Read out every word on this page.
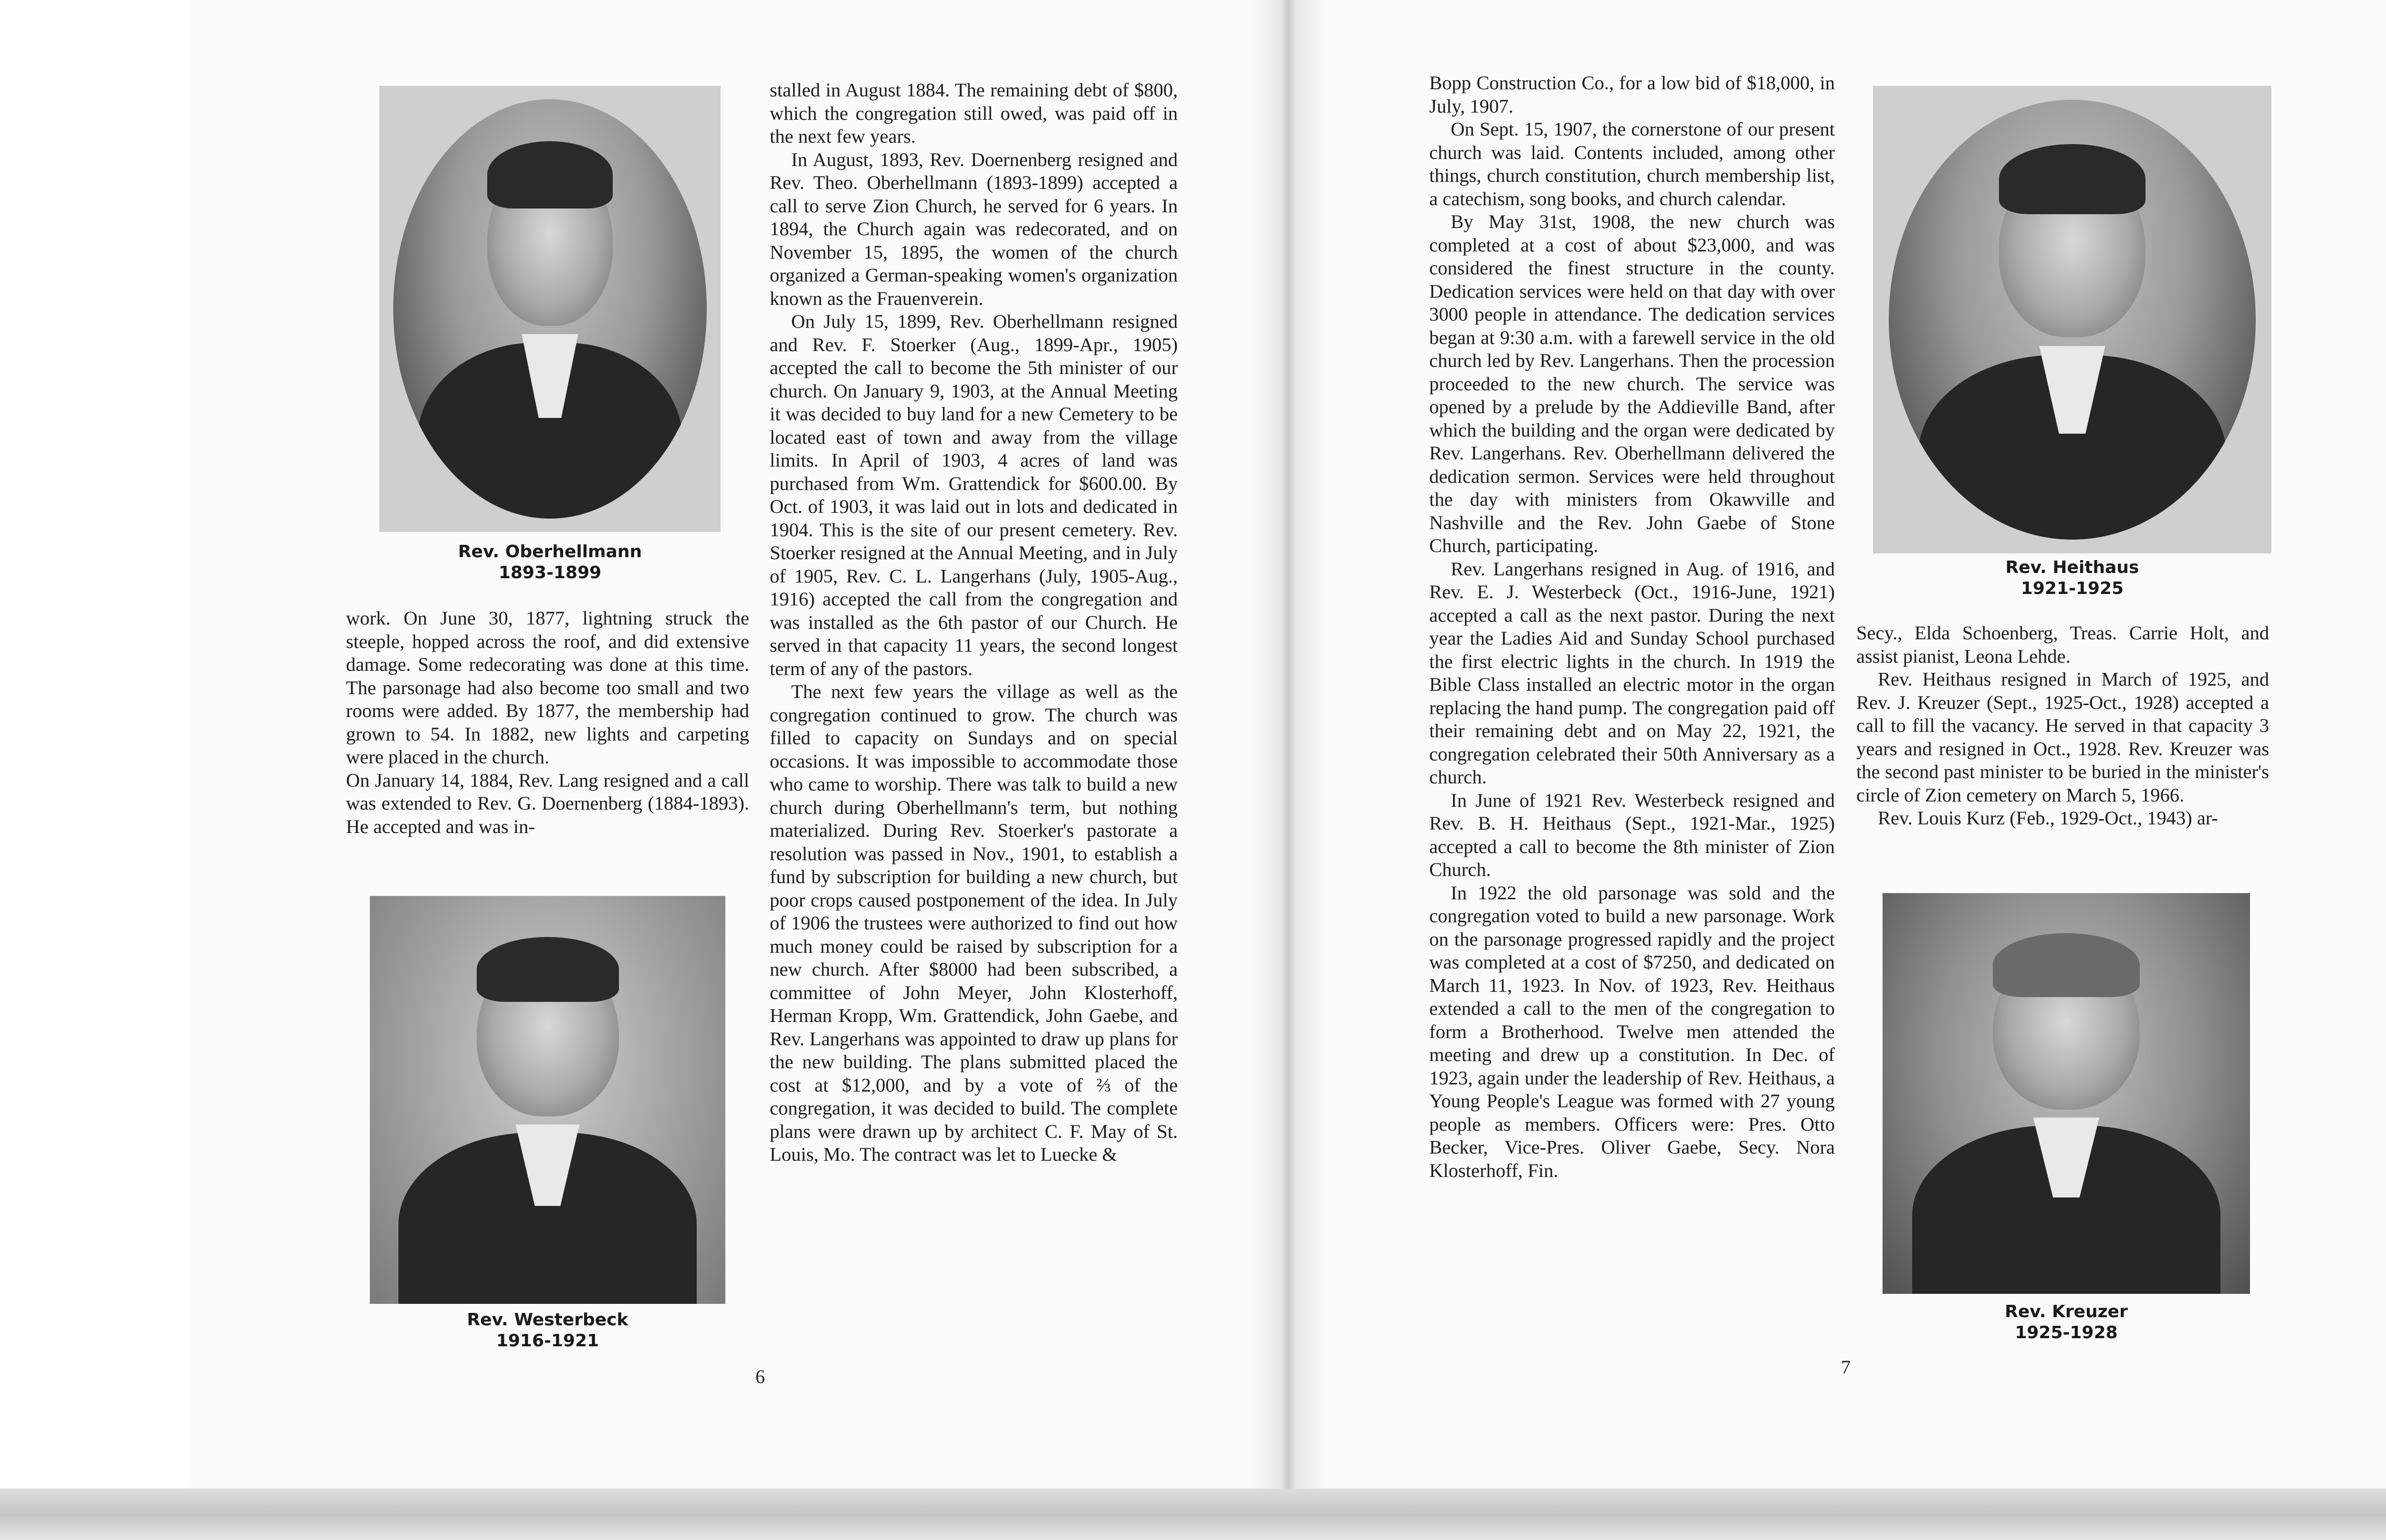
Rev. Oberhellmann
1893-1899

work. On June 30, 1877, lightning struck the steeple, hopped across the roof, and did extensive damage. Some redecorating was done at this time. The parsonage had also become too small and two rooms were added. By 1877, the membership had grown to 54. In 1882, new lights and carpeting were placed in the church.

On January 14, 1884, Rev. Lang resigned and a call was extended to Rev. G. Doernenberg (1884-1893). He accepted and was in-

Rev. Westerbeck
1916-1921

stalled in August 1884. The remaining debt of $800, which the congregation still owed, was paid off in the next few years.

In August, 1893, Rev. Doernenberg resigned and Rev. Theo. Oberhellmann (1893-1899) accepted a call to serve Zion Church, he served for 6 years. In 1894, the Church again was redecorated, and on November 15, 1895, the women of the church organized a German-speaking women's organization known as the Frauenverein.

On July 15, 1899, Rev. Oberhellmann resigned and Rev. F. Stoerker (Aug., 1899-Apr., 1905) accepted the call to become the 5th minister of our church. On January 9, 1903, at the Annual Meeting it was decided to buy land for a new Cemetery to be located east of town and away from the village limits. In April of 1903, 4 acres of land was purchased from Wm. Grattendick for $600.00. By Oct. of 1903, it was laid out in lots and dedicated in 1904. This is the site of our present cemetery. Rev. Stoerker resigned at the Annual Meeting, and in July of 1905, Rev. C. L. Langerhans (July, 1905-Aug., 1916) accepted the call from the congregation and was installed as the 6th pastor of our Church. He served in that capacity 11 years, the second longest term of any of the pastors.

The next few years the village as well as the congregation continued to grow. The church was filled to capacity on Sundays and on special occasions. It was impossible to accommodate those who came to worship. There was talk to build a new church during Oberhellmann's term, but nothing materialized. During Rev. Stoerker's pastorate a resolution was passed in Nov., 1901, to establish a fund by subscription for building a new church, but poor crops caused postponement of the idea. In July of 1906 the trustees were authorized to find out how much money could be raised by subscription for a new church. After $8000 had been subscribed, a committee of John Meyer, John Klosterhoff, Herman Kropp, Wm. Grattendick, John Gaebe, and Rev. Langerhans was appointed to draw up plans for the new building. The plans submitted placed the cost at $12,000, and by a vote of ⅔ of the congregation, it was decided to build. The complete plans were drawn up by architect C. F. May of St. Louis, Mo. The contract was let to Luecke &

6

Bopp Construction Co., for a low bid of $18,000, in July, 1907.

On Sept. 15, 1907, the cornerstone of our present church was laid. Contents included, among other things, church constitution, church membership list, a catechism, song books, and church calendar.

By May 31st, 1908, the new church was completed at a cost of about $23,000, and was considered the finest structure in the county. Dedication services were held on that day with over 3000 people in attendance. The dedication services began at 9:30 a.m. with a farewell service in the old church led by Rev. Langerhans. Then the procession proceeded to the new church. The service was opened by a prelude by the Addieville Band, after which the building and the organ were dedicated by Rev. Langerhans. Rev. Oberhellmann delivered the dedication sermon. Services were held throughout the day with ministers from Okawville and Nashville and the Rev. John Gaebe of Stone Church, participating.

Rev. Langerhans resigned in Aug. of 1916, and Rev. E. J. Westerbeck (Oct., 1916-June, 1921) accepted a call as the next pastor. During the next year the Ladies Aid and Sunday School purchased the first electric lights in the church. In 1919 the Bible Class installed an electric motor in the organ replacing the hand pump. The congregation paid off their remaining debt and on May 22, 1921, the congregation celebrated their 50th Anniversary as a church.

In June of 1921 Rev. Westerbeck resigned and Rev. B. H. Heithaus (Sept., 1921-Mar., 1925) accepted a call to become the 8th minister of Zion Church.

In 1922 the old parsonage was sold and the congregation voted to build a new parsonage. Work on the parsonage progressed rapidly and the project was completed at a cost of $7250, and dedicated on March 11, 1923. In Nov. of 1923, Rev. Heithaus extended a call to the men of the congregation to form a Brotherhood. Twelve men attended the meeting and drew up a constitution. In Dec. of 1923, again under the leadership of Rev. Heithaus, a Young People's League was formed with 27 young people as members. Officers were: Pres. Otto Becker, Vice-Pres. Oliver Gaebe, Secy. Nora Klosterhoff, Fin.

Rev. Heithaus
1921-1925

Secy., Elda Schoenberg, Treas. Carrie Holt, and assist pianist, Leona Lehde.

Rev. Heithaus resigned in March of 1925, and Rev. J. Kreuzer (Sept., 1925-Oct., 1928) accepted a call to fill the vacancy. He served in that capacity 3 years and resigned in Oct., 1928. Rev. Kreuzer was the second past minister to be buried in the minister's circle of Zion cemetery on March 5, 1966.

Rev. Louis Kurz (Feb., 1929-Oct., 1943) ar-

Rev. Kreuzer
1925-1928
7
